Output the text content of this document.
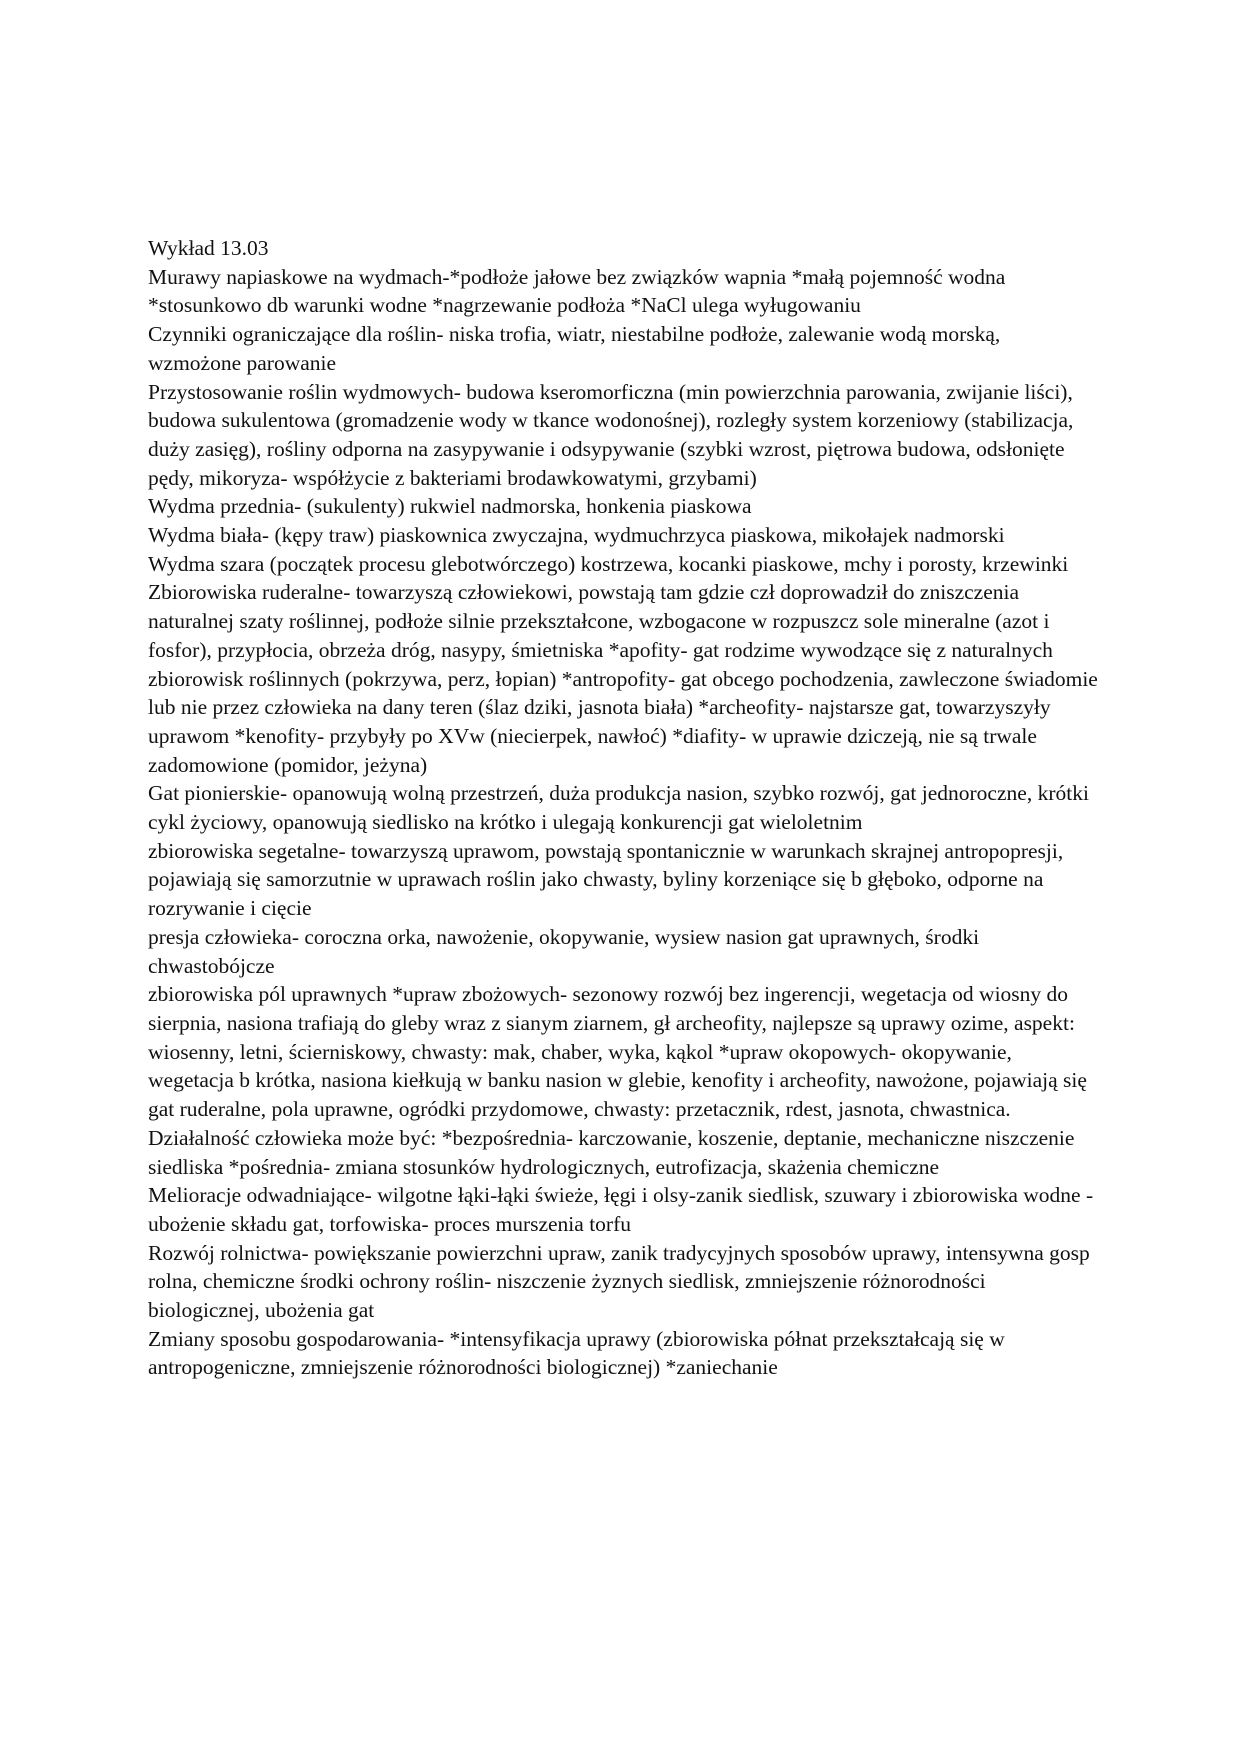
Wykład 13.03

Murawy napiaskowe na wydmach-*podłoże jałowe bez związków wapnia *małą pojemność wodna *stosunkowo db warunki wodne *nagrzewanie podłoża *NaCl ulega wyługowaniu

Czynniki ograniczające dla roślin- niska trofia, wiatr, niestabilne podłoże, zalewanie wodą morską, wzmożone parowanie

Przystosowanie roślin wydmowych- budowa kseromorficzna (min powierzchnia parowania, zwijanie liści), budowa sukulentowa (gromadzenie wody w tkance wodonośnej), rozległy system korzeniowy (stabilizacja, duży zasięg), rośliny odporna na zasypywanie i odsypywanie (szybki wzrost, piętrowa budowa, odsłonięte pędy, mikoryza- współżycie z bakteriami brodawkowatymi, grzybami)

Wydma przednia- (sukulenty) rukwiel nadmorska, honkenia piaskowa

Wydma biała- (kępy traw) piaskownica zwyczajna, wydmuchrzyca piaskowa, mikołajek nadmorski

Wydma szara (początek procesu glebotwórczego) kostrzewa, kocanki piaskowe, mchy i porosty, krzewinki

Zbiorowiska ruderalne- towarzyszą człowiekowi, powstają tam gdzie czł doprowadził do zniszczenia naturalnej szaty roślinnej, podłoże silnie przekształcone, wzbogacone w rozpuszcz sole mineralne (azot i fosfor), przypłocia, obrzeża dróg, nasypy, śmietniska *apofity- gat rodzime wywodzące się z naturalnych zbiorowisk roślinnych (pokrzywa, perz, łopian) *antropofity- gat obcego pochodzenia, zawleczone świadomie lub nie przez człowieka na dany teren (ślaz dziki, jasnota biała) *archeofity- najstarsze gat, towarzyszyły uprawom *kenofity- przybyły po XVw (niecierpek, nawłoć) *diafity- w uprawie dziczeją, nie są trwale zadomowione (pomidor, jeżyna)

Gat pionierskie- opanowują wolną przestrzeń, duża produkcja nasion, szybko rozwój, gat jednoroczne, krótki cykl życiowy, opanowują siedlisko na krótko i ulegają konkurencji gat wieloletnim

zbiorowiska segetalne- towarzyszą uprawom, powstają spontanicznie w warunkach skrajnej antropopresji, pojawiają się samorzutnie w uprawach roślin jako chwasty, byliny korzeniące się b głęboko, odporne na rozrywanie i cięcie

presja człowieka- coroczna orka, nawożenie, okopywanie, wysiew nasion gat uprawnych, środki chwastobójcze

zbiorowiska pól uprawnych *upraw zbożowych- sezonowy rozwój bez ingerencji, wegetacja od wiosny do sierpnia, nasiona trafiają do gleby wraz z sianym ziarnem, gł archeofity, najlepsze są uprawy ozime, aspekt: wiosenny, letni, ścierniskowy, chwasty: mak, chaber, wyka, kąkol *upraw okopowych- okopywanie, wegetacja b krótka, nasiona kiełkują w banku nasion w glebie, kenofity i archeofity, nawożone, pojawiają się gat ruderalne, pola uprawne, ogródki przydomowe, chwasty: przetacznik, rdest, jasnota, chwastnica.

Działalność człowieka może być: *bezpośrednia- karczowanie, koszenie, deptanie, mechaniczne niszczenie siedliska *pośrednia- zmiana stosunków hydrologicznych, eutrofizacja, skażenia chemiczne

Melioracje odwadniające- wilgotne łąki-łąki świeże, łęgi i olsy-zanik siedlisk, szuwary i zbiorowiska wodne -ubożenie składu gat, torfowiska- proces murszenia torfu

Rozwój rolnictwa- powiększanie powierzchni upraw, zanik tradycyjnych sposobów uprawy, intensywna gosp rolna, chemiczne środki ochrony roślin- niszczenie żyznych siedlisk, zmniejszenie różnorodności biologicznej, ubożenia gat

Zmiany sposobu gospodarowania- *intensyfikacja uprawy (zbiorowiska półnat przekształcają się w antropogeniczne, zmniejszenie różnorodności biologicznej) *zaniechanie
